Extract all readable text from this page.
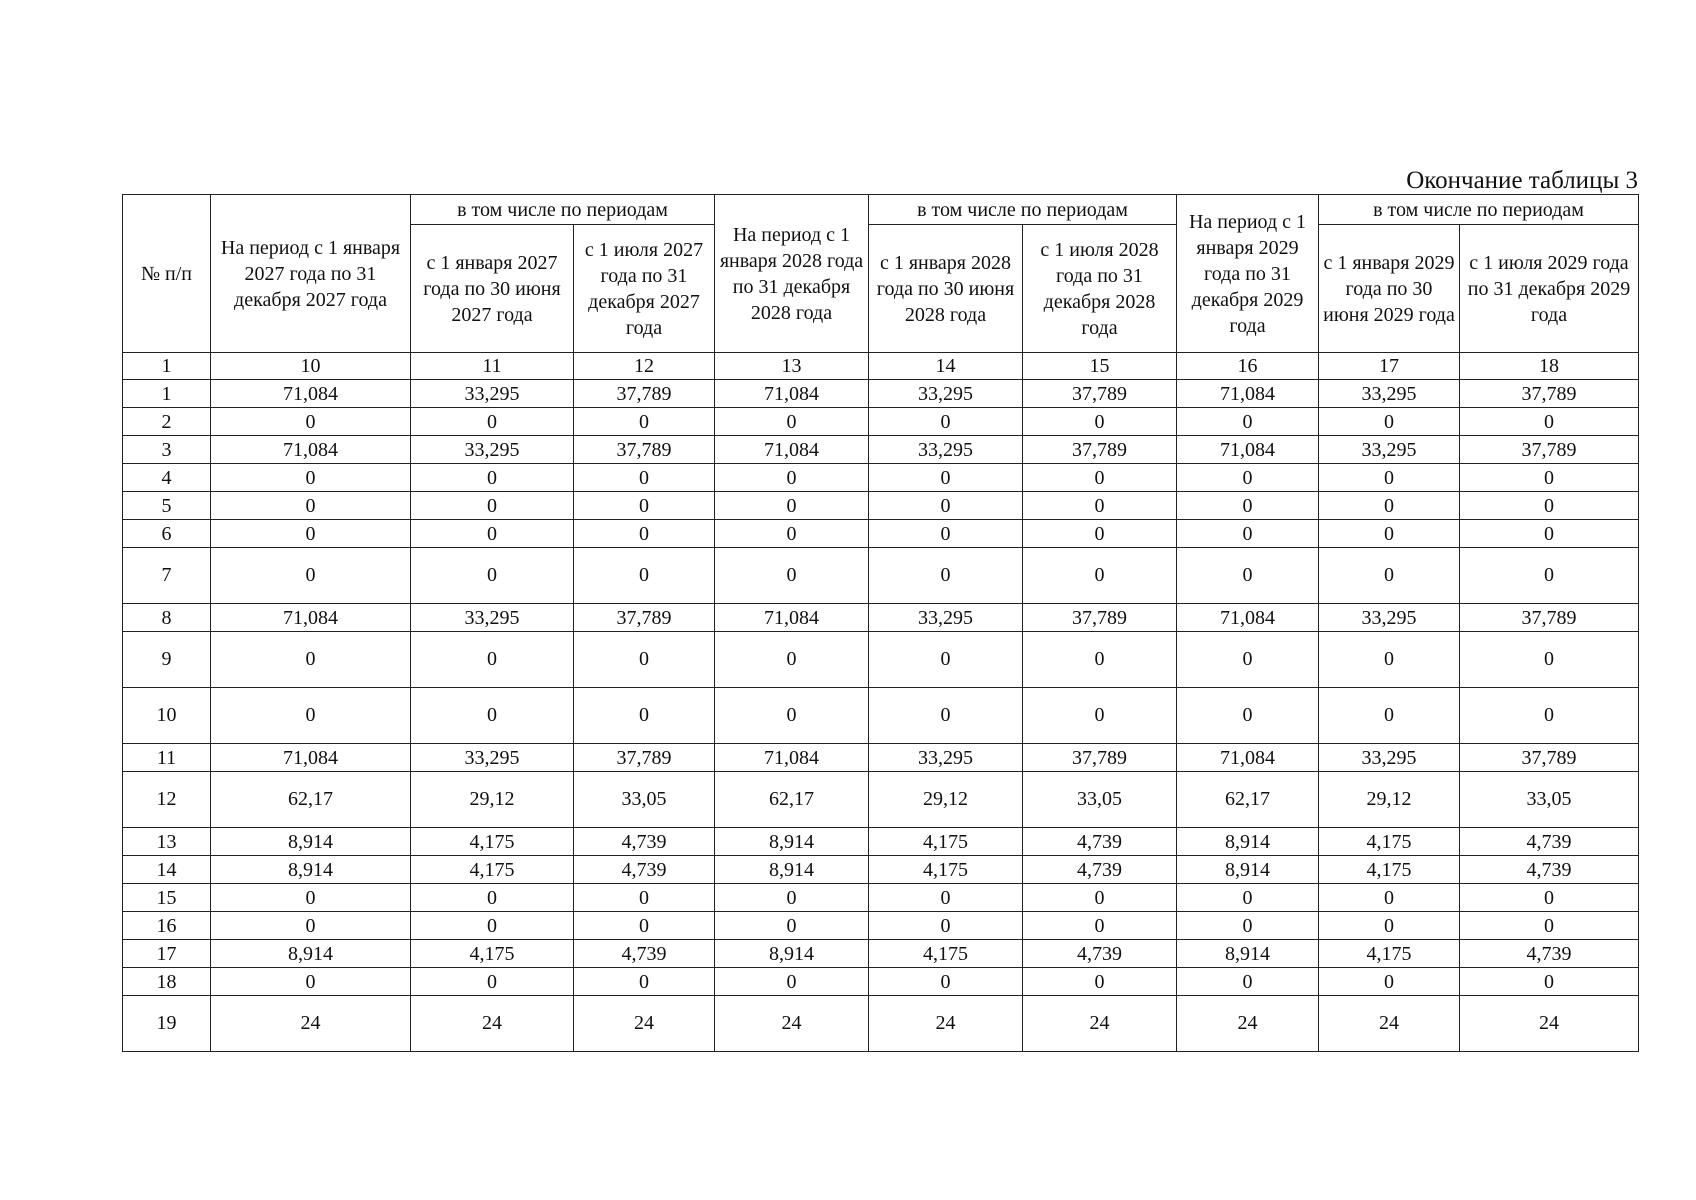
Окончание таблицы 3
№ п/п	На период с 1 января 2027 года по 31 декабря 2027 года	в том числе по периодам		На период с 1 января 2028 года по 31 декабря 2028 года	в том числе по периодам		На период с 1 января 2029 года по 31 декабря 2029 года	в том числе по периодам	
		с 1 января 2027 года по 30 июня 2027 года	с 1 июля 2027 года по 31 декабря 2027 года		с 1 января 2028 года по 30 июня 2028 года	с 1 июля 2028 года по 31 декабря 2028 года		с 1 января 2029 года по 30 июня 2029 года	с 1 июля 2029 года по 31 декабря 2029 года
1	10	11	12	13	14	15	16	17	18
1	71,084	33,295	37,789	71,084	33,295	37,789	71,084	33,295	37,789
2	0	0	0	0	0	0	0	0	0
3	71,084	33,295	37,789	71,084	33,295	37,789	71,084	33,295	37,789
4	0	0	0	0	0	0	0	0	0
5	0	0	0	0	0	0	0	0	0
6	0	0	0	0	0	0	0	0	0
7	0	0	0	0	0	0	0	0	0
8	71,084	33,295	37,789	71,084	33,295	37,789	71,084	33,295	37,789
9	0	0	0	0	0	0	0	0	0
10	0	0	0	0	0	0	0	0	0
11	71,084	33,295	37,789	71,084	33,295	37,789	71,084	33,295	37,789
12	62,17	29,12	33,05	62,17	29,12	33,05	62,17	29,12	33,05
13	8,914	4,175	4,739	8,914	4,175	4,739	8,914	4,175	4,739
14	8,914	4,175	4,739	8,914	4,175	4,739	8,914	4,175	4,739
15	0	0	0	0	0	0	0	0	0
16	0	0	0	0	0	0	0	0	0
17	8,914	4,175	4,739	8,914	4,175	4,739	8,914	4,175	4,739
18	0	0	0	0	0	0	0	0	0
19	24	24	24	24	24	24	24	24	24
